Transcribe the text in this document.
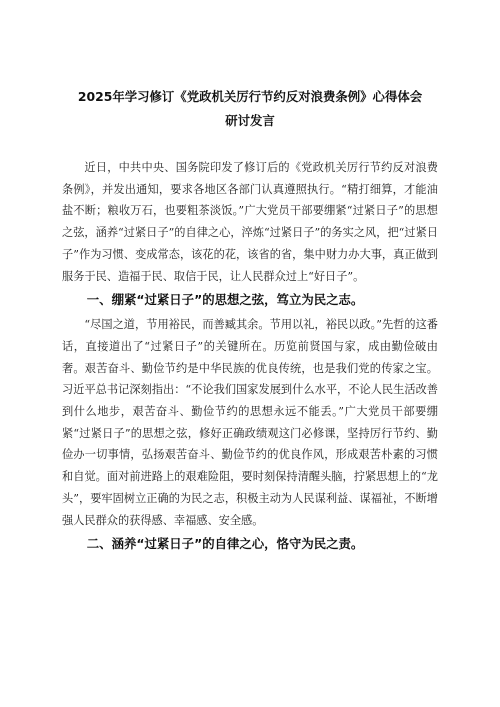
2025年学习修订《党政机关厉行节约反对浪费条例》心得体会
研讨发言

近日，中共中央、国务院印发了修订后的《党政机关厉行节约反对浪费条例》，并发出通知，要求各地区各部门认真遵照执行。“精打细算，才能油盐不断；粮收万石，也要粗茶淡饭。”广大党员干部要绷紧“过紧日子”的思想之弦，涵养“过紧日子”的自律之心，淬炼“过紧日子”的务实之风，把“过紧日子”作为习惯、变成常态，该花的花，该省的省，集中财力办大事，真正做到服务于民、造福于民、取信于民，让人民群众过上“好日子”。

一、绷紧“过紧日子”的思想之弦，笃立为民之志。

“尽国之道，节用裕民，而善臧其余。节用以礼，裕民以政。”先哲的这番话，直接道出了“过紧日子”的关键所在。历览前贤国与家，成由勤俭破由奢。艰苦奋斗、勤俭节约是中华民族的优良传统，也是我们党的传家之宝。习近平总书记深刻指出：“不论我们国家发展到什么水平，不论人民生活改善到什么地步，艰苦奋斗、勤俭节约的思想永远不能丢。”广大党员干部要绷紧“过紧日子”的思想之弦，修好正确政绩观这门必修课，坚持厉行节约、勤俭办一切事情，弘扬艰苦奋斗、勤俭节约的优良作风，形成艰苦朴素的习惯和自觉。面对前进路上的艰难险阻，要时刻保持清醒头脑，拧紧思想上的“龙头”，要牢固树立正确的为民之志，积极主动为人民谋利益、谋福祉，不断增强人民群众的获得感、幸福感、安全感。

二、涵养“过紧日子”的自律之心，恪守为民之责。
